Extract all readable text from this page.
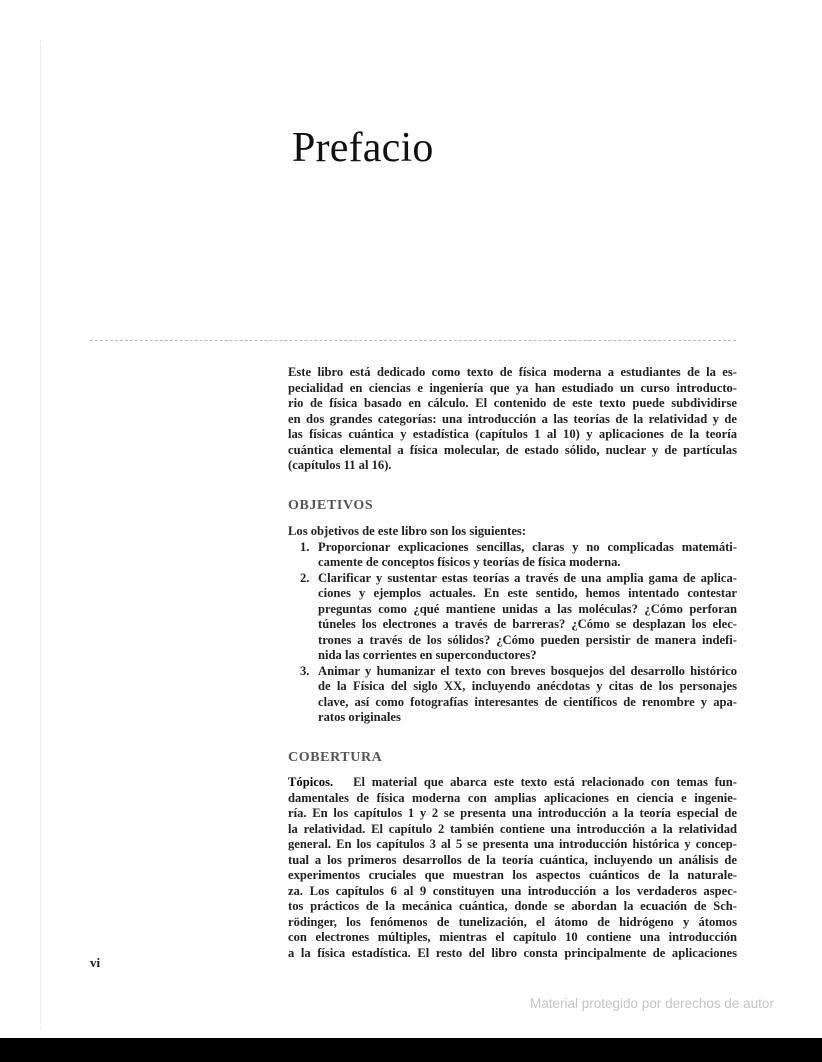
Prefacio
Este libro está dedicado como texto de física moderna a estudiantes de la es-
pecialidad en ciencias e ingeniería que ya han estudiado un curso introducto-
rio de física basado en cálculo. El contenido de este texto puede subdividirse
en dos grandes categorías: una introducción a las teorías de la relatividad y de
las físicas cuántica y estadística (capítulos 1 al 10) y aplicaciones de la teoría
cuántica elemental a física molecular, de estado sólido, nuclear y de partículas
(capítulos 11 al 16).
OBJETIVOS
Los objetivos de este libro son los siguientes:
1. Proporcionar explicaciones sencillas, claras y no complicadas matemáti-
camente de conceptos físicos y teorías de física moderna.
2. Clarificar y sustentar estas teorías a través de una amplia gama de aplica-
ciones y ejemplos actuales. En este sentido, hemos intentado contestar
preguntas como ¿qué mantiene unidas a las moléculas? ¿Cómo perforan
túneles los electrones a través de barreras? ¿Cómo se desplazan los elec-
trones a través de los sólidos? ¿Cómo pueden persistir de manera indefi-
nida las corrientes en superconductores?
3. Animar y humanizar el texto con breves bosquejos del desarrollo histórico
de la Física del siglo XX, incluyendo anécdotas y citas de los personajes
clave, así como fotografías interesantes de científicos de renombre y apa-
ratos originales
COBERTURA
Tópicos. El material que abarca este texto está relacionado con temas fun-
damentales de física moderna con amplias aplicaciones en ciencia e ingenie-
ría. En los capítulos 1 y 2 se presenta una introducción a la teoría especial de
la relatividad. El capítulo 2 también contiene una introducción a la relatividad
general. En los capítulos 3 al 5 se presenta una introducción histórica y concep-
tual a los primeros desarrollos de la teoría cuántica, incluyendo un análisis de
experimentos cruciales que muestran los aspectos cuánticos de la naturale-
za. Los capítulos 6 al 9 constituyen una introducción a los verdaderos aspec-
tos prácticos de la mecánica cuántica, donde se abordan la ecuación de Sch-
rödinger, los fenómenos de tunelización, el átomo de hidrógeno y átomos
con electrones múltiples, mientras el capítulo 10 contiene una introducción
a la física estadística. El resto del libro consta principalmente de aplicaciones
vi
Material protegido por derechos de autor
